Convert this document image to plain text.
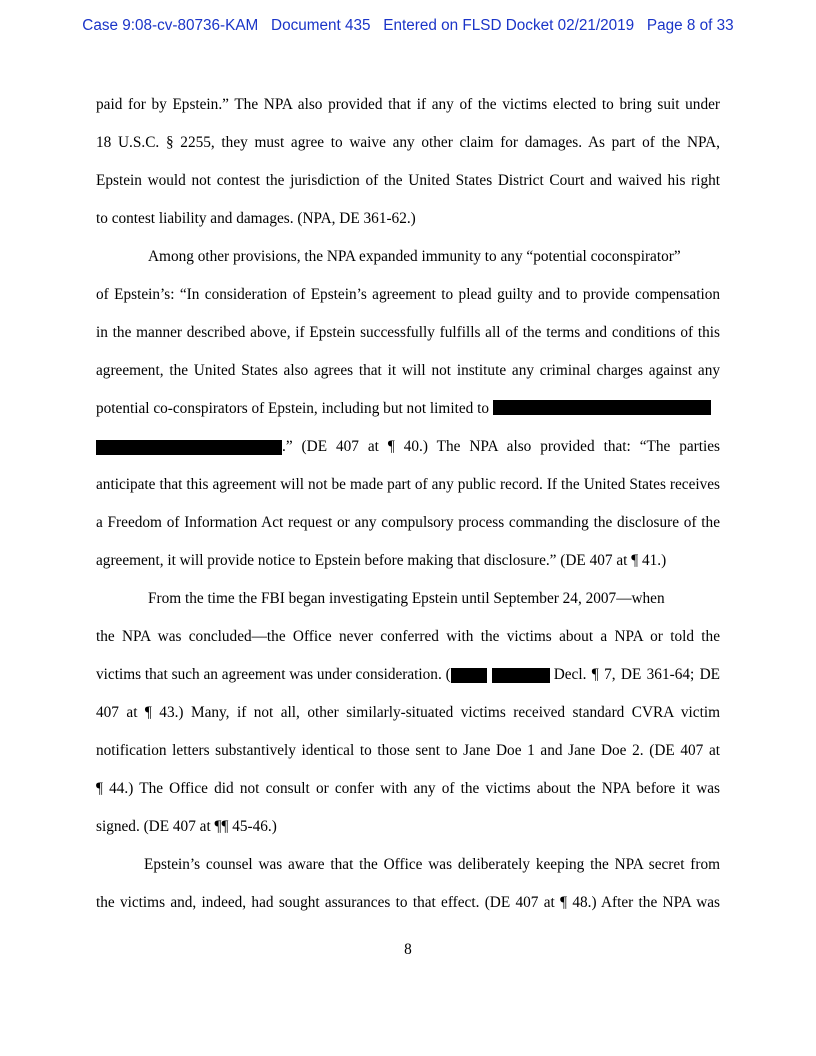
Case 9:08-cv-80736-KAM Document 435 Entered on FLSD Docket 02/21/2019 Page 8 of 33
paid for by Epstein.” The NPA also provided that if any of the victims elected to bring suit under
18 U.S.C. § 2255, they must agree to waive any other claim for damages. As part of the NPA,
Epstein would not contest the jurisdiction of the United States District Court and waived his right
to contest liability and damages. (NPA, DE 361-62.)
Among other provisions, the NPA expanded immunity to any “potential coconspirator”
of Epstein’s: “In consideration of Epstein’s agreement to plead guilty and to provide compensation
in the manner described above, if Epstein successfully fulfills all of the terms and conditions of this
agreement, the United States also agrees that it will not institute any criminal charges against any
potential co-conspirators of Epstein, including but not limited to
.” (DE 407 at ¶ 40.) The NPA also provided that: “The parties
anticipate that this agreement will not be made part of any public record. If the United States receives
a Freedom of Information Act request or any compulsory process commanding the disclosure of the
agreement, it will provide notice to Epstein before making that disclosure.” (DE 407 at ¶ 41.)
From the time the FBI began investigating Epstein until September 24, 2007—when
the NPA was concluded—the Office never conferred with the victims about a NPA or told the
victims that such an agreement was under consideration. (	Decl. ¶ 7, DE 361-64; DE
407 at ¶ 43.) Many, if not all, other similarly-situated victims received standard CVRA victim
notification letters substantively identical to those sent to Jane Doe 1 and Jane Doe 2. (DE 407 at
¶ 44.) The Office did not consult or confer with any of the victims about the NPA before it was
signed. (DE 407 at ¶¶ 45-46.)
Epstein’s counsel was aware that the Office was deliberately keeping the NPA secret from
the victims and, indeed, had sought assurances to that effect. (DE 407 at ¶ 48.) After the NPA was
8
